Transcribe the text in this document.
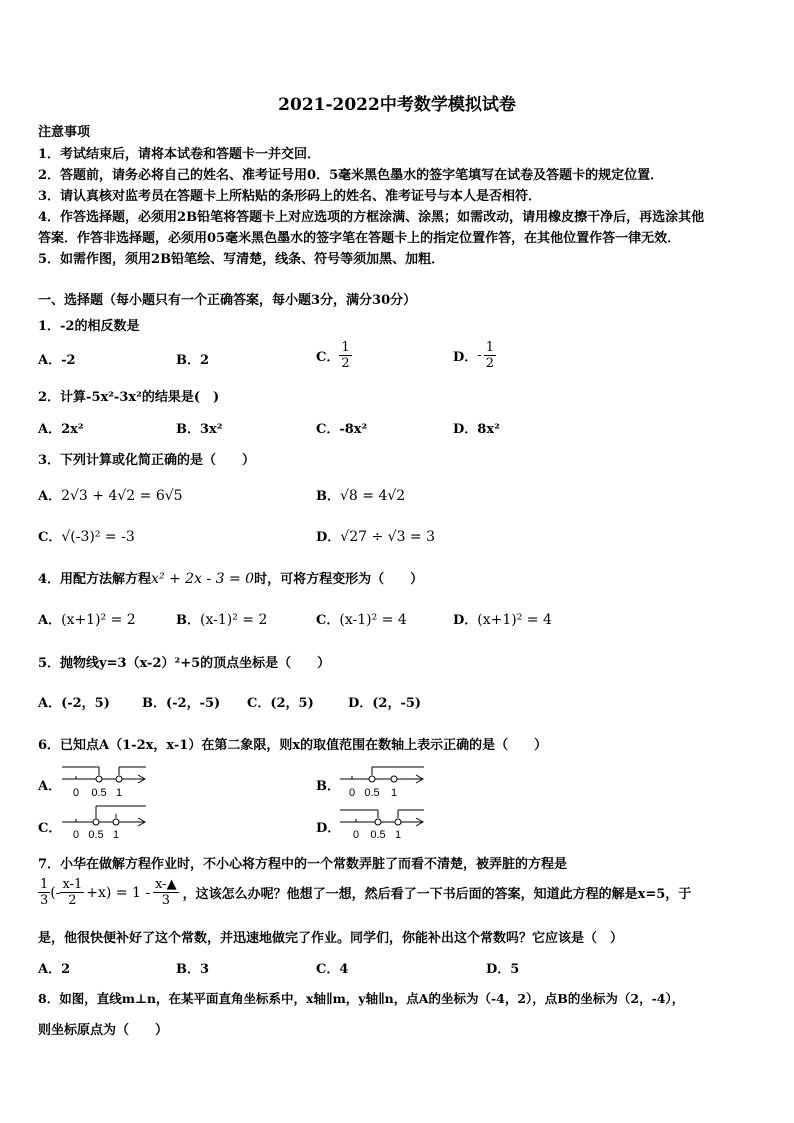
2021-2022中考数学模拟试卷
注意事项
1．考试结束后，请将本试卷和答题卡一并交回．
2．答题前，请务必将自己的姓名、准考证号用0．5毫米黑色墨水的签字笔填写在试卷及答题卡的规定位置．
3．请认真核对监考员在答题卡上所粘贴的条形码上的姓名、准考证号与本人是否相符．
4．作答选择题，必须用2B铅笔将答题卡上对应选项的方框涂满、涂黑；如需改动，请用橡皮擦干净后，再选涂其他
答案．作答非选择题，必须用05毫米黑色墨水的签字笔在答题卡上的指定位置作答，在其他位置作答一律无效．
5．如需作图，须用2B铅笔绘、写清楚，线条、符号等须加黑、加粗．
一、选择题（每小题只有一个正确答案，每小题3分，满分30分）
1．-2的相反数是
A．-2	B．2	C． $\frac{1}{2}$	D． - $\frac{1}{2}$
2．计算-5x²-3x²的结果是(　)
A．2x²	B．3x²	C．-8x²	D．8x²
3．下列计算或化简正确的是（　　）
A．2√3 + 4√2 = 6√5	B．√8 = 4√2
C．√(-3)² = -3	D．√27 ÷ √3 = 3
4．用配方法解方程x² + 2x - 3 = 0时，可将方程变形为（　　）
A．(x+1)² = 2	B．(x-1)² = 2	C．(x-1)² = 4	D．(x+1)² = 4
5．抛物线y=3（x-2）²+5的顶点坐标是（　　）
A．(-2，5) B．(-2，-5) C．(2，5)	D．(2，-5)
6．已知点A（1-2x，x-1）在第二象限，则x的取值范围在数轴上表示正确的是（　　）
A． 0 0.5 1	B． 0 0.5 1
C． 0 0.5 1	D． 0 0.5 1
7．小华在做解方程作业时，不小心将方程中的一个常数弄脏了而看不清楚，被弄脏的方程是
$\frac{1}{3}$ (- $\frac{x-1}{2} +x) = 1 - \frac{x-▲}{3}$ ，这该怎么办呢？他想了一想，然后看了一下书后面的答案，知道此方程的解是x=5，于
是，他很快便补好了这个常数，并迅速地做完了作业。同学们，你能补出这个常数吗？它应该是（　）
A．2	B．3	C．4	D．5
8．如图，直线m⊥n，在某平面直角坐标系中，x轴∥m，y轴∥n，点A的坐标为（-4，2），点B的坐标为（2，-4），
则坐标原点为（　　）
